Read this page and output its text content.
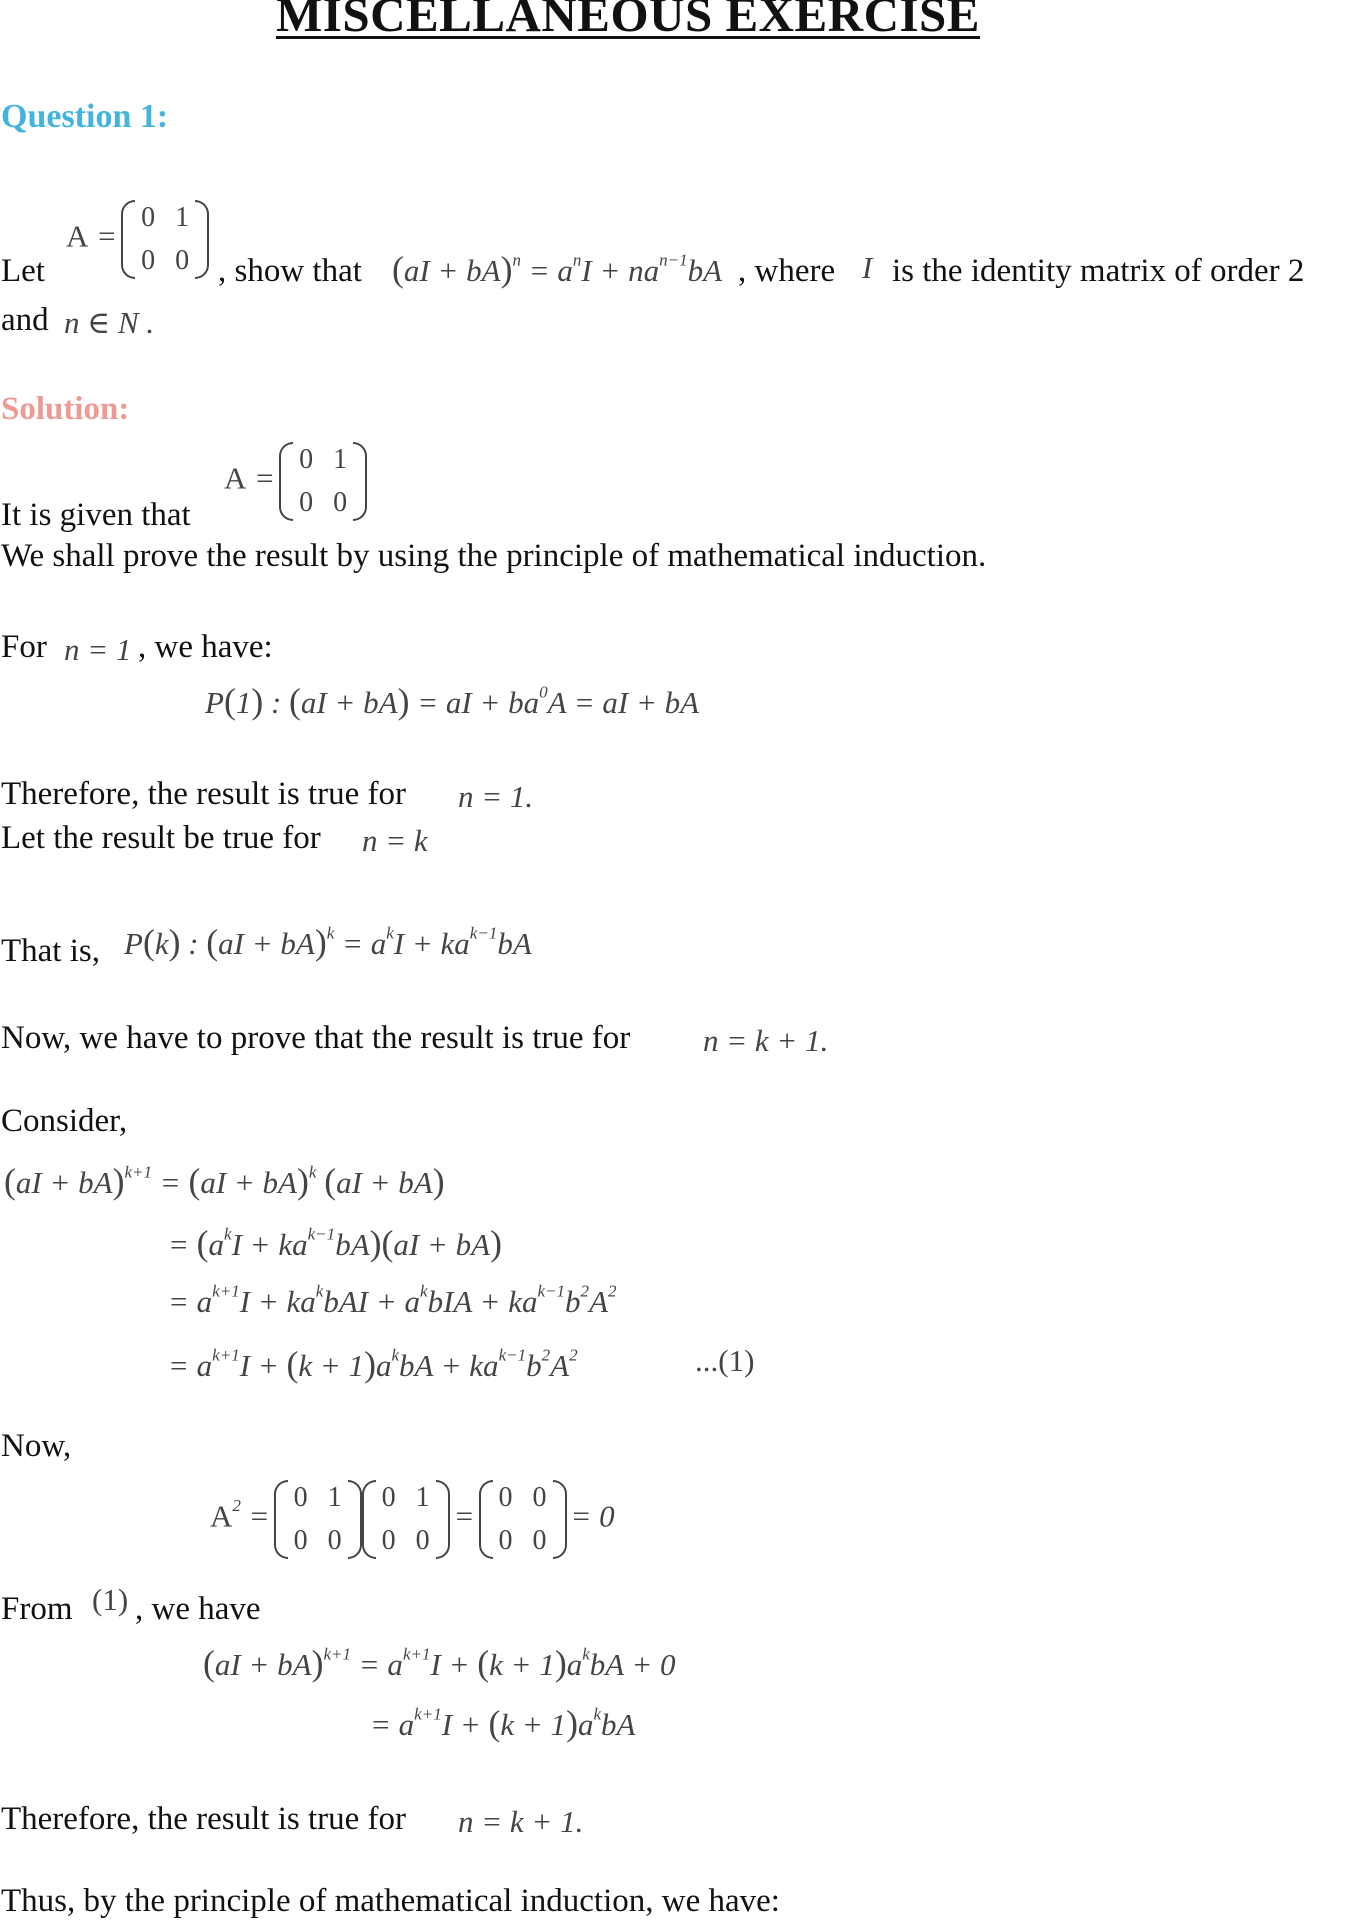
MISCELLANEOUS EXERCISE
Question 1:
Let
A =
0	1
0	0 , show that $(aI + bA)^n = a^nI + na^{n-1}bA$ , where I is the identity matrix of order 2
and n ∈ N .
Solution:
It is given that
A =
0	1
0	0
We shall prove the result by using the principle of mathematical induction.
For n = 1 , we have:
P(1) : (aI + bA) = aI + $ba^0A$ = aI + bA
Therefore, the result is true for n = 1.
Let the result be true for n = k
That is, P(k) : $(aI + bA)^k = a^kI + ka^{k-1}bA$
Now, we have to prove that the result is true for n = k + 1.
Consider,
(aI + bA)$^{k+1}$ = (aI + bA)$^k$ (aI + bA)
= $(a^kI + ka^{k-1}bA)(aI + bA)$
= $a^{k+1}I + ka^kbAI + a^kbIA + ka^{k-1}b^2A^2$
= $a^{k+1}I + (k + 1)a^kbA + ka^{k-1}b^2A^2$	...(1)
Now,
$A^2$ =
0	1
0	0
0	1
0	0
=
0	0
0	0
= 0
From (1) , we have
$(aI + bA)^{k+1} = a^{k+1}I + (k + 1)a^kbA + 0$
= $a^{k+1}I + (k + 1)a^kbA$
Therefore, the result is true for n = k + 1.
Thus, by the principle of mathematical induction, we have:
